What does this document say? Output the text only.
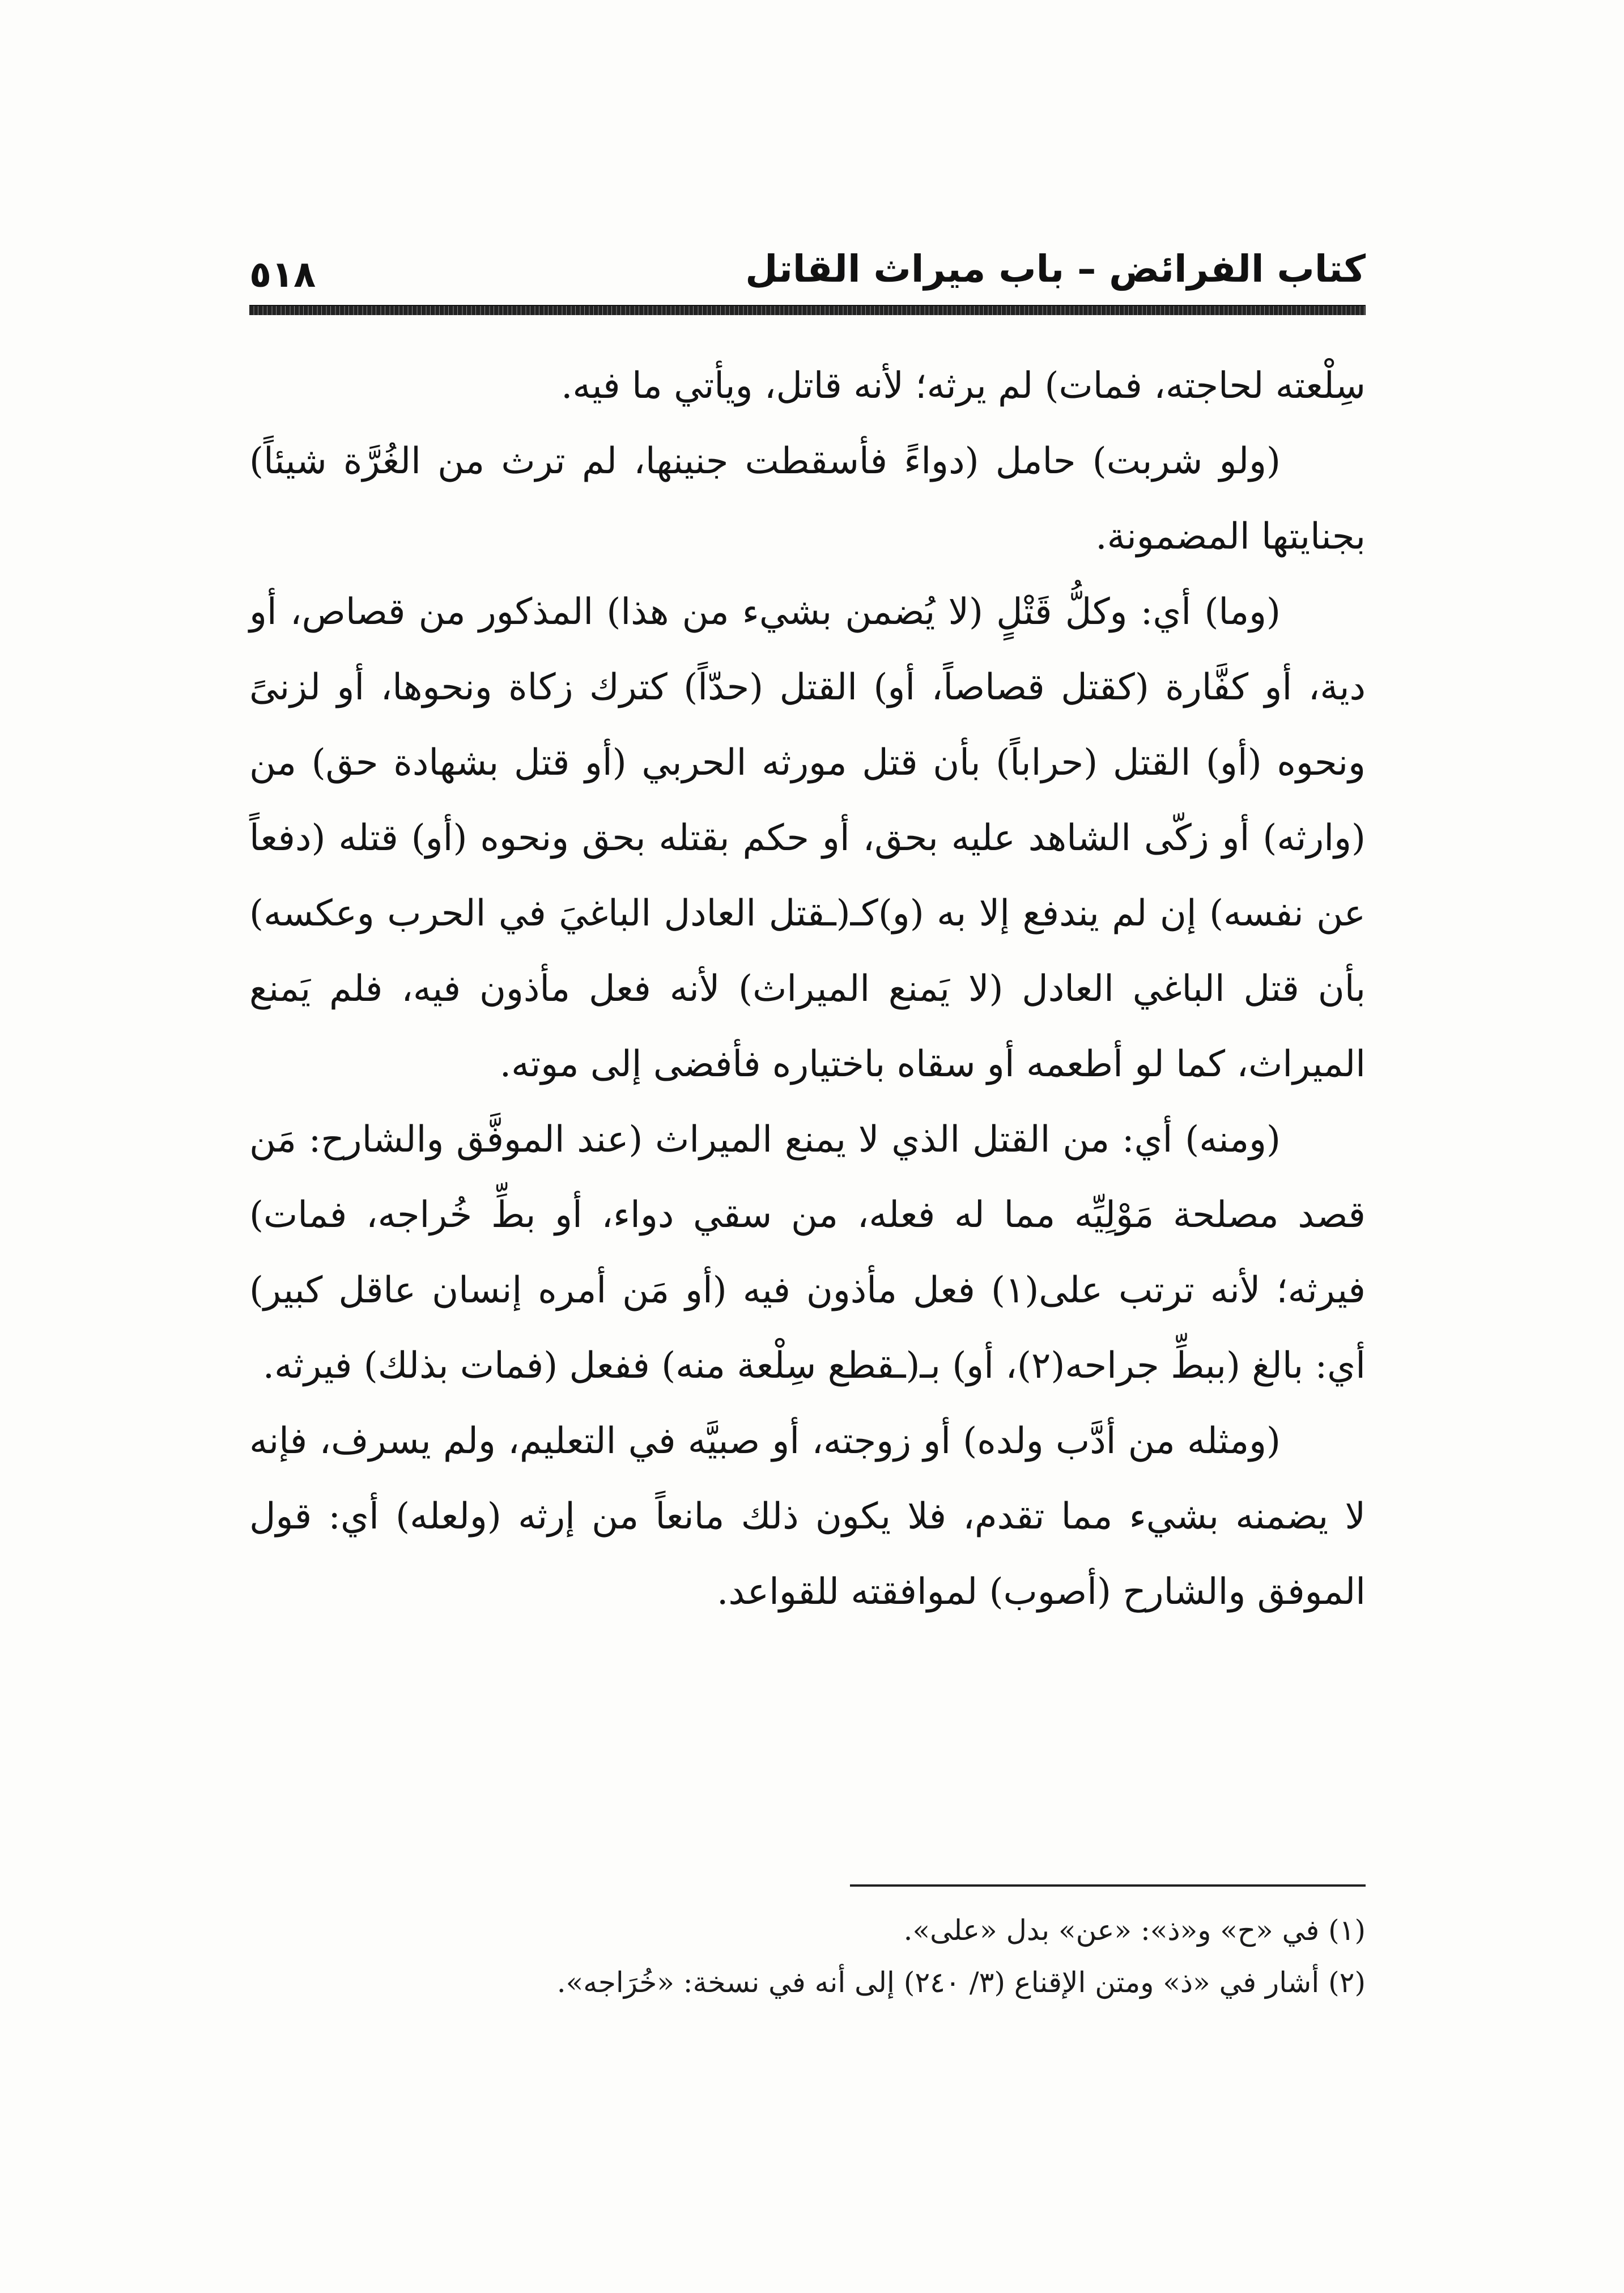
كتاب الفرائض – باب ميراث القاتل
٥١٨

سِلْعته لحاجته، فمات) لم يرثه؛ لأنه قاتل، ويأتي ما فيه.

(ولو شربت) حامل (دواءً فأسقطت جنينها، لم ترث من الغُرَّة شيئاً) بجنايتها المضمونة.

(وما) أي: وكلُّ قَتْلٍ (لا يُضمن بشيء من هذا) المذكور من قصاص، أو دية، أو كفَّارة (كقتل قصاصاً، أو) القتل (حدّاً) كترك زكاة ونحوها، أو لزنىً ونحوه (أو) القتل (حراباً) بأن قتل مورثه الحربي (أو قتل بشهادة حق) من (وارثه) أو زكّى الشاهد عليه بحق، أو حكم بقتله بحق ونحوه (أو) قتله (دفعاً عن نفسه) إن لم يندفع إلا به (و)كـ(ـقتل العادل الباغيَ في الحرب وعكسه) بأن قتل الباغي العادل (لا يَمنع الميراث) لأنه فعل مأذون فيه، فلم يَمنع الميراث، كما لو أطعمه أو سقاه باختياره فأفضى إلى موته.

(ومنه) أي: من القتل الذي لا يمنع الميراث (عند الموفَّق والشارح: مَن قصد مصلحة مَوْلِيِّه مما له فعله، من سقي دواء، أو بطِّ خُراجه، فمات) فيرثه؛ لأنه ترتب على(١) فعل مأذون فيه (أو مَن أمره إنسان عاقل كبير) أي: بالغ (ببطِّ جراحه(٢)، أو) بـ(ـقطع سِلْعة منه) ففعل (فمات بذلك) فيرثه.

(ومثله من أدَّب ولده) أو زوجته، أو صبيَّه في التعليم، ولم يسرف، فإنه لا يضمنه بشيء مما تقدم، فلا يكون ذلك مانعاً من إرثه (ولعله) أي: قول الموفق والشارح (أصوب) لموافقته للقواعد.

(١) في «ح» و«ذ»: «عن» بدل «على».

(٢) أشار في «ذ» ومتن الإقناع (٣/ ٢٤٠) إلى أنه في نسخة: «خُرَاجه».
